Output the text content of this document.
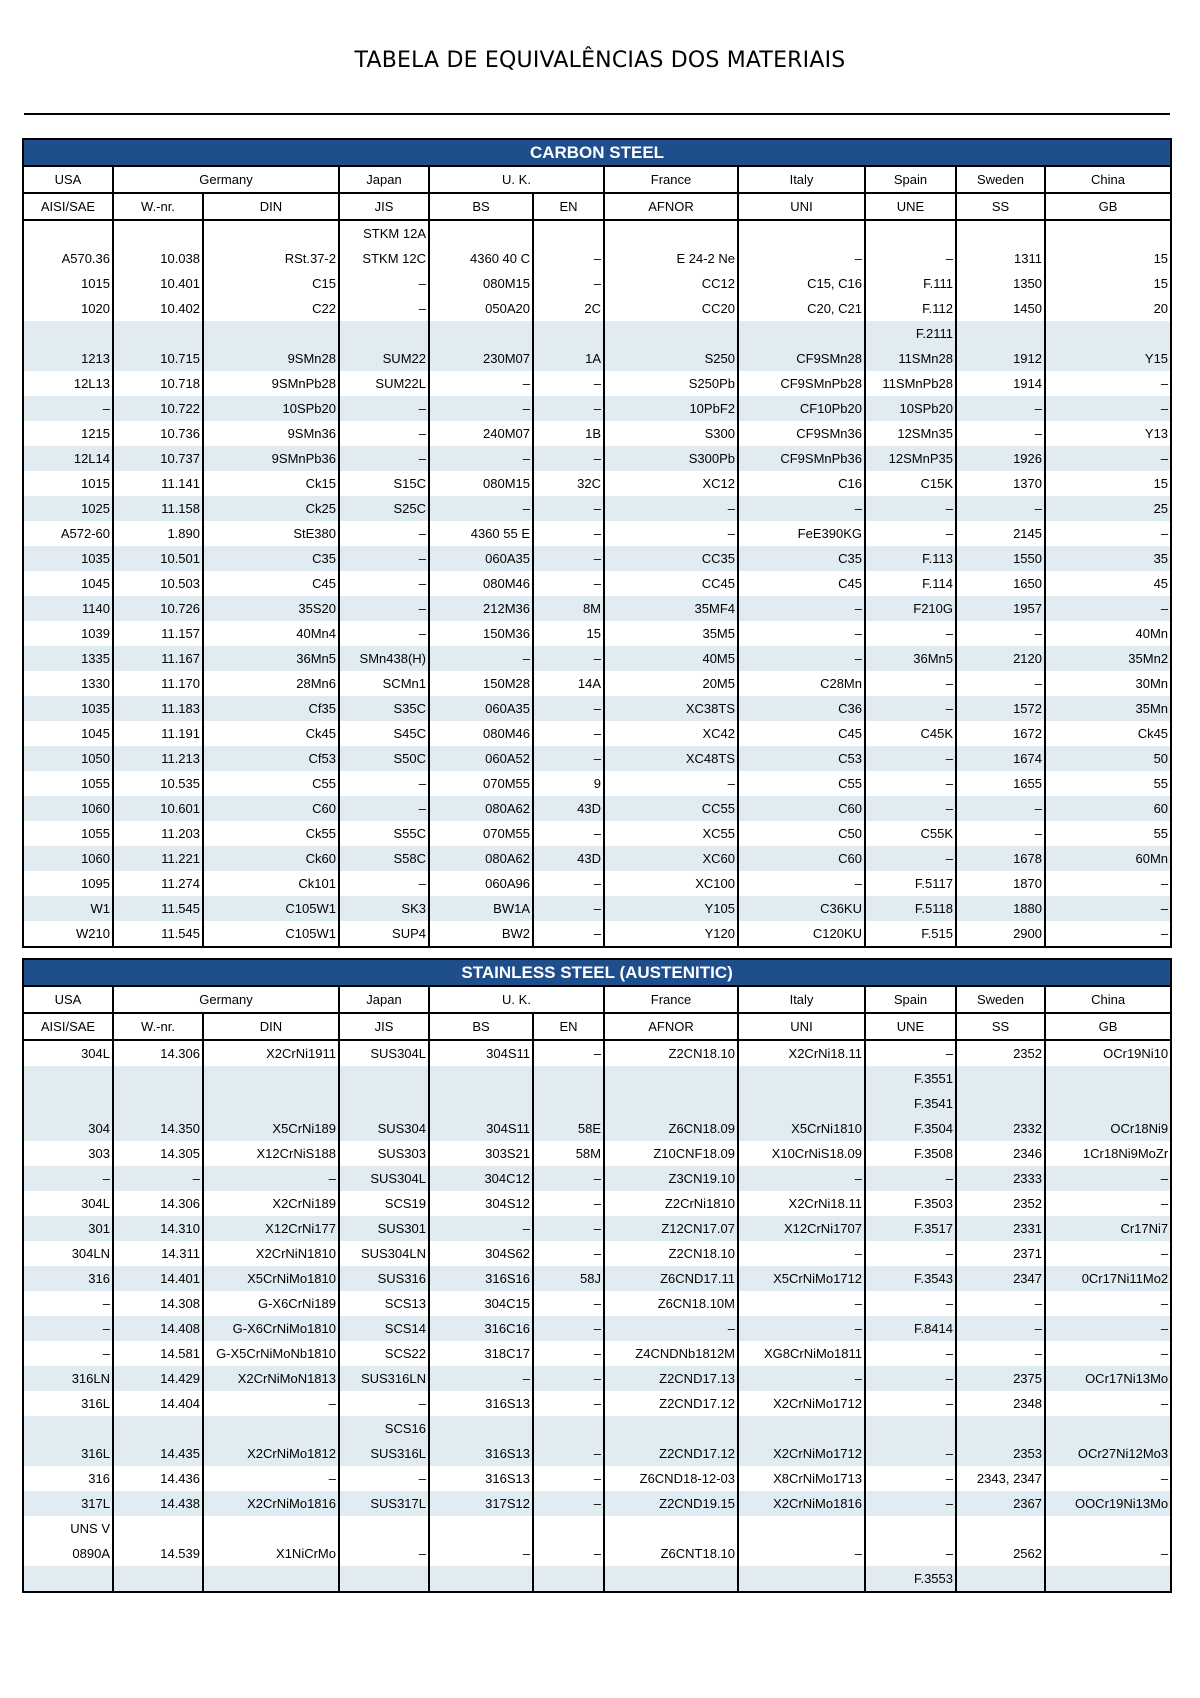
TABELA DE EQUIVALÊNCIAS DOS MATERIAIS
CARBON STEEL										
USA	Germany		Japan	U. K.		France	Italy	Spain	Sweden	China
AISI/SAE	W.-nr.	DIN	JIS	BS	EN	AFNOR	UNI	UNE	SS	GB
			STKM 12A							
A570.36	10.038	RSt.37-2	STKM 12C	4360 40 C	–	E 24-2 Ne	–	–	1311	15
1015	10.401	C15	–	080M15	–	CC12	C15, C16	F.111	1350	15
1020	10.402	C22	–	050A20	2C	CC20	C20, C21	F.112	1450	20
								F.2111		
1213	10.715	9SMn28	SUM22	230M07	1A	S250	CF9SMn28	11SMn28	1912	Y15
12L13	10.718	9SMnPb28	SUM22L	–	–	S250Pb	CF9SMnPb28	11SMnPb28	1914	–
–	10.722	10SPb20	–	–	–	10PbF2	CF10Pb20	10SPb20	–	–
1215	10.736	9SMn36	–	240M07	1B	S300	CF9SMn36	12SMn35	–	Y13
12L14	10.737	9SMnPb36	–	–	–	S300Pb	CF9SMnPb36	12SMnP35	1926	–
1015	11.141	Ck15	S15C	080M15	32C	XC12	C16	C15K	1370	15
1025	11.158	Ck25	S25C	–	–	–	–	–	–	25
A572-60	1.890	StE380	–	4360 55 E	–	–	FeE390KG	–	2145	–
1035	10.501	C35	–	060A35	–	CC35	C35	F.113	1550	35
1045	10.503	C45	–	080M46	–	CC45	C45	F.114	1650	45
1140	10.726	35S20	–	212M36	8M	35MF4	–	F210G	1957	–
1039	11.157	40Mn4	–	150M36	15	35M5	–	–	–	40Mn
1335	11.167	36Mn5	SMn438(H)	–	–	40M5	–	36Mn5	2120	35Mn2
1330	11.170	28Mn6	SCMn1	150M28	14A	20M5	C28Mn	–	–	30Mn
1035	11.183	Cf35	S35C	060A35	–	XC38TS	C36	–	1572	35Mn
1045	11.191	Ck45	S45C	080M46	–	XC42	C45	C45K	1672	Ck45
1050	11.213	Cf53	S50C	060A52	–	XC48TS	C53	–	1674	50
1055	10.535	C55	–	070M55	9	–	C55	–	1655	55
1060	10.601	C60	–	080A62	43D	CC55	C60	–	–	60
1055	11.203	Ck55	S55C	070M55	–	XC55	C50	C55K	–	55
1060	11.221	Ck60	S58C	080A62	43D	XC60	C60	–	1678	60Mn
1095	11.274	Ck101	–	060A96	–	XC100	–	F.5117	1870	–
W1	11.545	C105W1	SK3	BW1A	–	Y105	C36KU	F.5118	1880	–
W210	11.545	C105W1	SUP4	BW2	–	Y120	C120KU	F.515	2900	–
STAINLESS STEEL (AUSTENITIC)										
USA	Germany		Japan	U. K.		France	Italy	Spain	Sweden	China
AISI/SAE	W.-nr.	DIN	JIS	BS	EN	AFNOR	UNI	UNE	SS	GB
304L	14.306	X2CrNi1911	SUS304L	304S11	–	Z2CN18.10	X2CrNi18.11	–	2352	OCr19Ni10
								F.3551		
								F.3541		
304	14.350	X5CrNi189	SUS304	304S11	58E	Z6CN18.09	X5CrNi1810	F.3504	2332	OCr18Ni9
303	14.305	X12CrNiS188	SUS303	303S21	58M	Z10CNF18.09	X10CrNiS18.09	F.3508	2346	1Cr18Ni9MoZr
–	–	–	SUS304L	304C12	–	Z3CN19.10	–	–	2333	–
304L	14.306	X2CrNi189	SCS19	304S12	–	Z2CrNi1810	X2CrNi18.11	F.3503	2352	–
301	14.310	X12CrNi177	SUS301	–	–	Z12CN17.07	X12CrNi1707	F.3517	2331	Cr17Ni7
304LN	14.311	X2CrNiN1810	SUS304LN	304S62	–	Z2CN18.10	–	–	2371	–
316	14.401	X5CrNiMo1810	SUS316	316S16	58J	Z6CND17.11	X5CrNiMo1712	F.3543	2347	0Cr17Ni11Mo2
–	14.308	G-X6CrNi189	SCS13	304C15	–	Z6CN18.10M	–	–	–	–
–	14.408	G-X6CrNiMo1810	SCS14	316C16	–	–	–	F.8414	–	–
–	14.581	G-X5CrNiMoNb1810	SCS22	318C17	–	Z4CNDNb1812M	XG8CrNiMo1811	–	–	–
316LN	14.429	X2CrNiMoN1813	SUS316LN	–	–	Z2CND17.13	–	–	2375	OCr17Ni13Mo
316L	14.404	–	–	316S13	–	Z2CND17.12	X2CrNiMo1712	–	2348	–
			SCS16							
316L	14.435	X2CrNiMo1812	SUS316L	316S13	–	Z2CND17.12	X2CrNiMo1712	–	2353	OCr27Ni12Mo3
316	14.436	–	–	316S13	–	Z6CND18-12-03	X8CrNiMo1713	–	2343, 2347	–
317L	14.438	X2CrNiMo1816	SUS317L	317S12	–	Z2CND19.15	X2CrNiMo1816	–	2367	OOCr19Ni13Mo
UNS V										
0890A	14.539	X1NiCrMo	–	–	–	Z6CNT18.10	–	–	2562	–
								F.3553		
